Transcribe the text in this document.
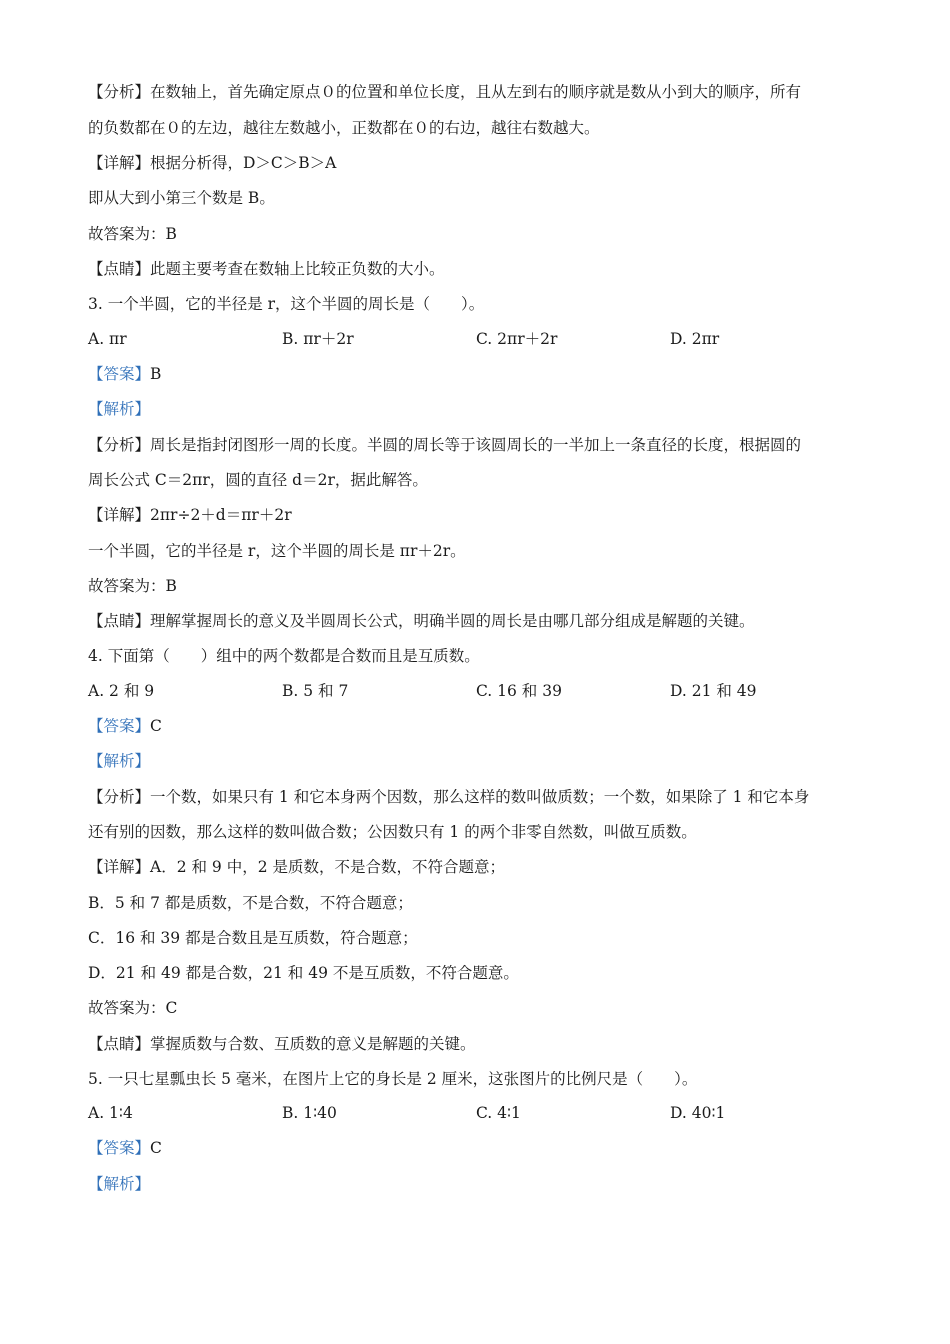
【分析】在数轴上，首先确定原点０的位置和单位长度，且从左到右的顺序就是数从小到大的顺序，所有
的负数都在０的左边，越往左数越小，正数都在０的右边，越往右数越大。
【详解】根据分析得，D＞C＞B＞A
即从大到小第三个数是 B。
故答案为：B
【点睛】此题主要考查在数轴上比较正负数的大小。
3. 一个半圆，它的半径是 r，这个半圆的周长是（　　）。
A. πr	B. πr＋2r	C. 2πr＋2r	D. 2πr
【答案】B
【解析】
【分析】周长是指封闭图形一周的长度。半圆的周长等于该圆周长的一半加上一条直径的长度，根据圆的
周长公式 C＝2πr，圆的直径 d＝2r，据此解答。
【详解】2πr÷2＋d＝πr＋2r
一个半圆，它的半径是 r，这个半圆的周长是 πr＋2r。
故答案为：B
【点睛】理解掌握周长的意义及半圆周长公式，明确半圆的周长是由哪几部分组成是解题的关键。
4. 下面第（　　）组中的两个数都是合数而且是互质数。
A. 2 和 9	B. 5 和 7	C. 16 和 39	D. 21 和 49
【答案】C
【解析】
【分析】一个数，如果只有 1 和它本身两个因数，那么这样的数叫做质数；一个数，如果除了 1 和它本身
还有别的因数，那么这样的数叫做合数；公因数只有 1 的两个非零自然数，叫做互质数。
【详解】A．2 和 9 中，2 是质数，不是合数，不符合题意；
B．5 和 7 都是质数，不是合数，不符合题意；
C．16 和 39 都是合数且是互质数，符合题意；
D．21 和 49 都是合数，21 和 49 不是互质数，不符合题意。
故答案为：C
【点睛】掌握质数与合数、互质数的意义是解题的关键。
5. 一只七星瓢虫长 5 毫米，在图片上它的身长是 2 厘米，这张图片的比例尺是（　　）。
A. 1∶4	B. 1∶40	C. 4∶1	D. 40∶1
【答案】C
【解析】
